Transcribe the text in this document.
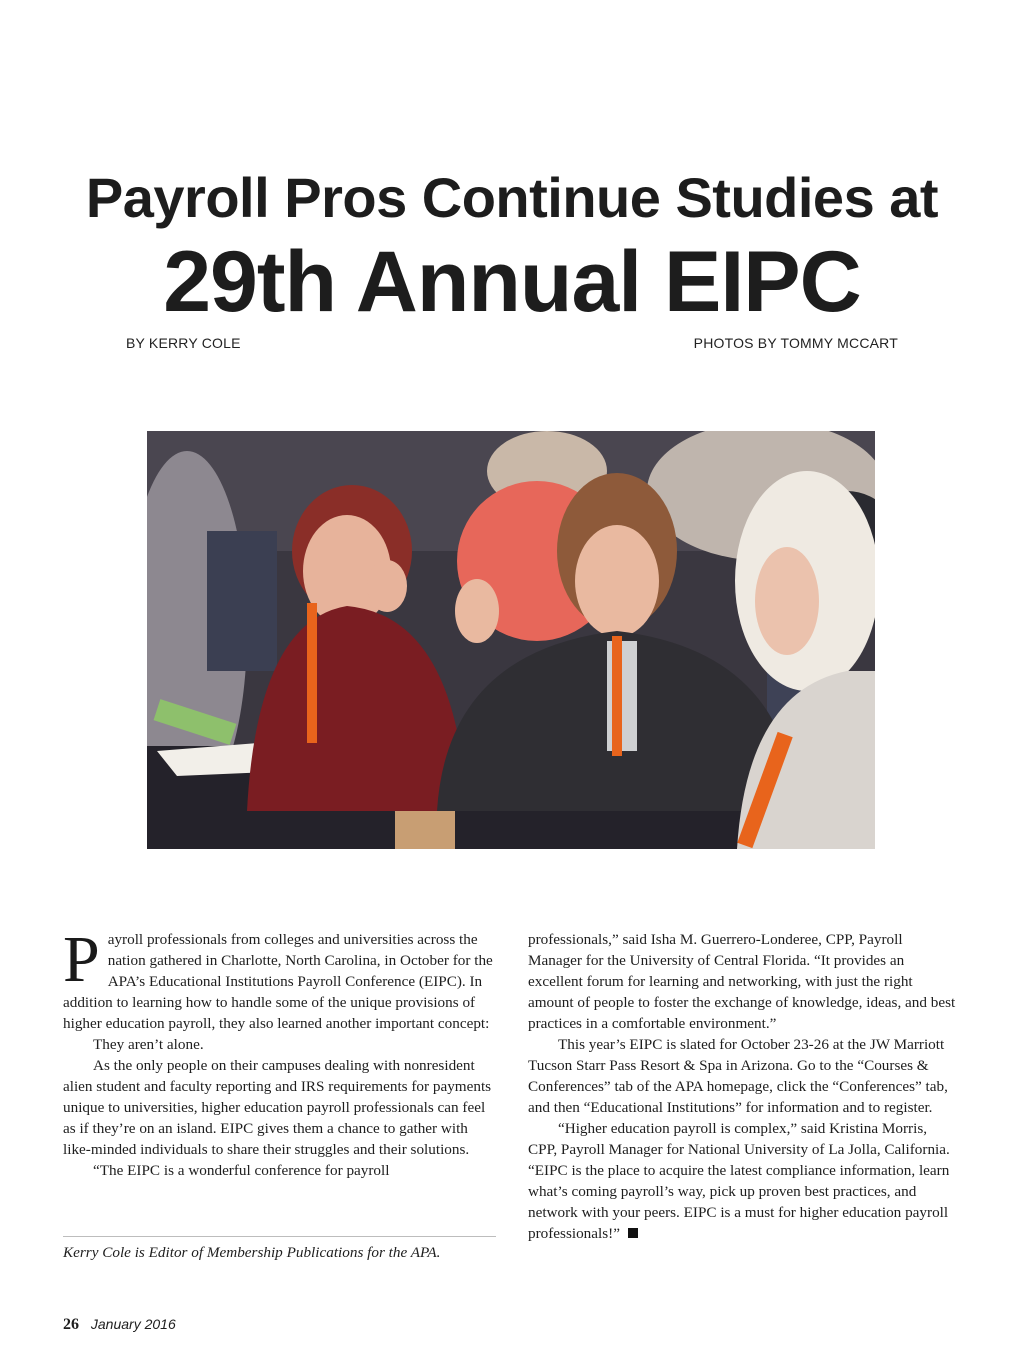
Payroll Pros Continue Studies at
29th Annual EIPC
BY KERRY COLE	PHOTOS BY TOMMY MCCART

Payroll professionals from colleges and universities across the nation gathered in Charlotte, North Carolina, in October for the APA’s Educational Institutions Payroll Conference (EIPC). In addition to learning how to handle some of the unique provisions of higher education payroll, they also learned another important concept:

They aren’t alone.

As the only people on their campuses dealing with nonresident alien student and faculty reporting and IRS requirements for payments unique to universities, higher education payroll professionals can feel as if they’re on an island. EIPC gives them a chance to gather with like-minded individuals to share their struggles and their solutions.

“The EIPC is a wonderful conference for payroll

professionals,” said Isha M. Guerrero-Londeree, CPP, Payroll Manager for the University of Central Florida. “It provides an excellent forum for learning and networking, with just the right amount of people to foster the exchange of knowledge, ideas, and best practices in a comfortable environment.”

This year’s EIPC is slated for October 23-26 at the JW Marriott Tucson Starr Pass Resort & Spa in Arizona. Go to the “Courses & Conferences” tab of the APA homepage, click the “Conferences” tab, and then “Educational Institutions” for information and to register.

“Higher education payroll is complex,” said Kristina Morris, CPP, Payroll Manager for National University of La Jolla, California. “EIPC is the place to acquire the latest compliance information, learn what’s coming payroll’s way, pick up proven best practices, and network with your peers. EIPC is a must for higher education payroll professionals!”

Kerry Cole is Editor of Membership Publications for the APA.
26 January 2016
